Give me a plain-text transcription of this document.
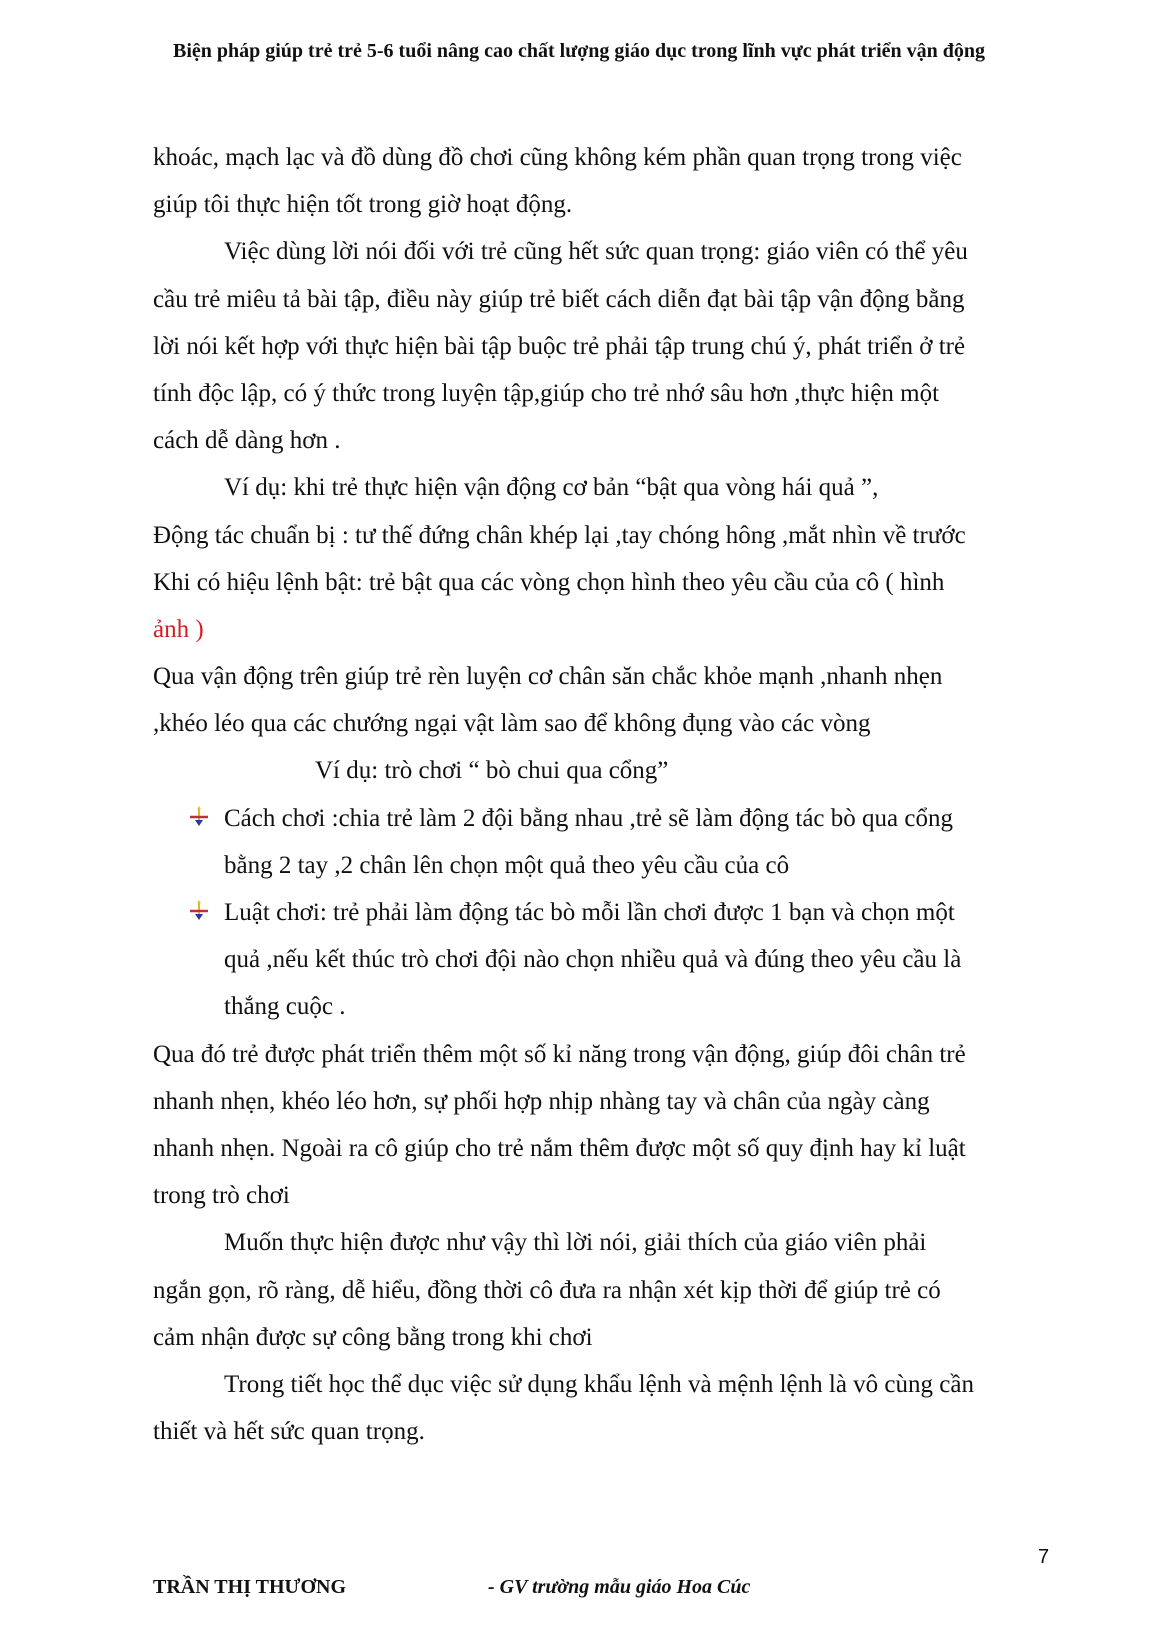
Biện pháp giúp trẻ trẻ 5-6 tuổi nâng cao chất lượng giáo dục trong lĩnh vực phát triển vận động
khoác, mạch lạc và đồ dùng đồ chơi cũng không kém phần quan trọng trong việc
giúp tôi thực hiện tốt trong giờ hoạt động.
Việc dùng lời nói đối với trẻ cũng hết sức quan trọng: giáo viên có thể yêu
cầu trẻ miêu tả bài tập, điều này giúp trẻ biết cách diễn đạt bài tập vận động bằng
lời nói kết hợp với thực hiện bài tập buộc trẻ phải tập trung chú ý, phát triển ở trẻ
tính độc lập, có ý thức trong luyện tập,giúp cho trẻ nhớ sâu hơn ,thực hiện một
cách dễ dàng hơn .
Ví dụ: khi trẻ thực hiện vận động cơ bản “bật qua vòng hái quả ”,
Động tác chuẩn bị : tư thế đứng chân khép lại ,tay chóng hông ,mắt nhìn về trước
Khi có hiệu lệnh bật: trẻ bật qua các vòng chọn hình theo yêu cầu của cô ( hình
ảnh )
Qua vận động trên giúp trẻ rèn luyện cơ chân săn chắc khỏe mạnh ,nhanh nhẹn
,khéo léo qua các chướng ngại vật làm sao để không đụng vào các vòng
Ví dụ: trò chơi “ bò chui qua cổng”
Cách chơi :chia trẻ làm 2 đội bằng nhau ,trẻ sẽ làm động tác bò qua cổng
bằng 2 tay ,2 chân lên chọn một quả theo yêu cầu của cô
Luật chơi: trẻ phải làm động tác bò mỗi lần chơi được 1 bạn và chọn một
quả ,nếu kết thúc trò chơi đội nào chọn nhiều quả và đúng theo yêu cầu là
thắng cuộc .
Qua đó trẻ được phát triển thêm một số kỉ năng trong vận động, giúp đôi chân trẻ
nhanh nhẹn, khéo léo hơn, sự phối hợp nhịp nhàng tay và chân của ngày càng
nhanh nhẹn. Ngoài ra cô giúp cho trẻ nắm thêm được một số quy định hay kỉ luật
trong trò chơi
Muốn thực hiện được như vậy thì lời nói, giải thích của giáo viên phải
ngắn gọn, rõ ràng, dễ hiểu, đồng thời cô đưa ra nhận xét kịp thời để giúp trẻ có
cảm nhận được sự công bằng trong khi chơi
Trong tiết học thể dục việc sử dụng khẩu lệnh và mệnh lệnh là vô cùng cần
thiết và hết sức quan trọng.
7
TRẦN THỊ THƯƠNG	- GV trường mẫu giáo Hoa Cúc
